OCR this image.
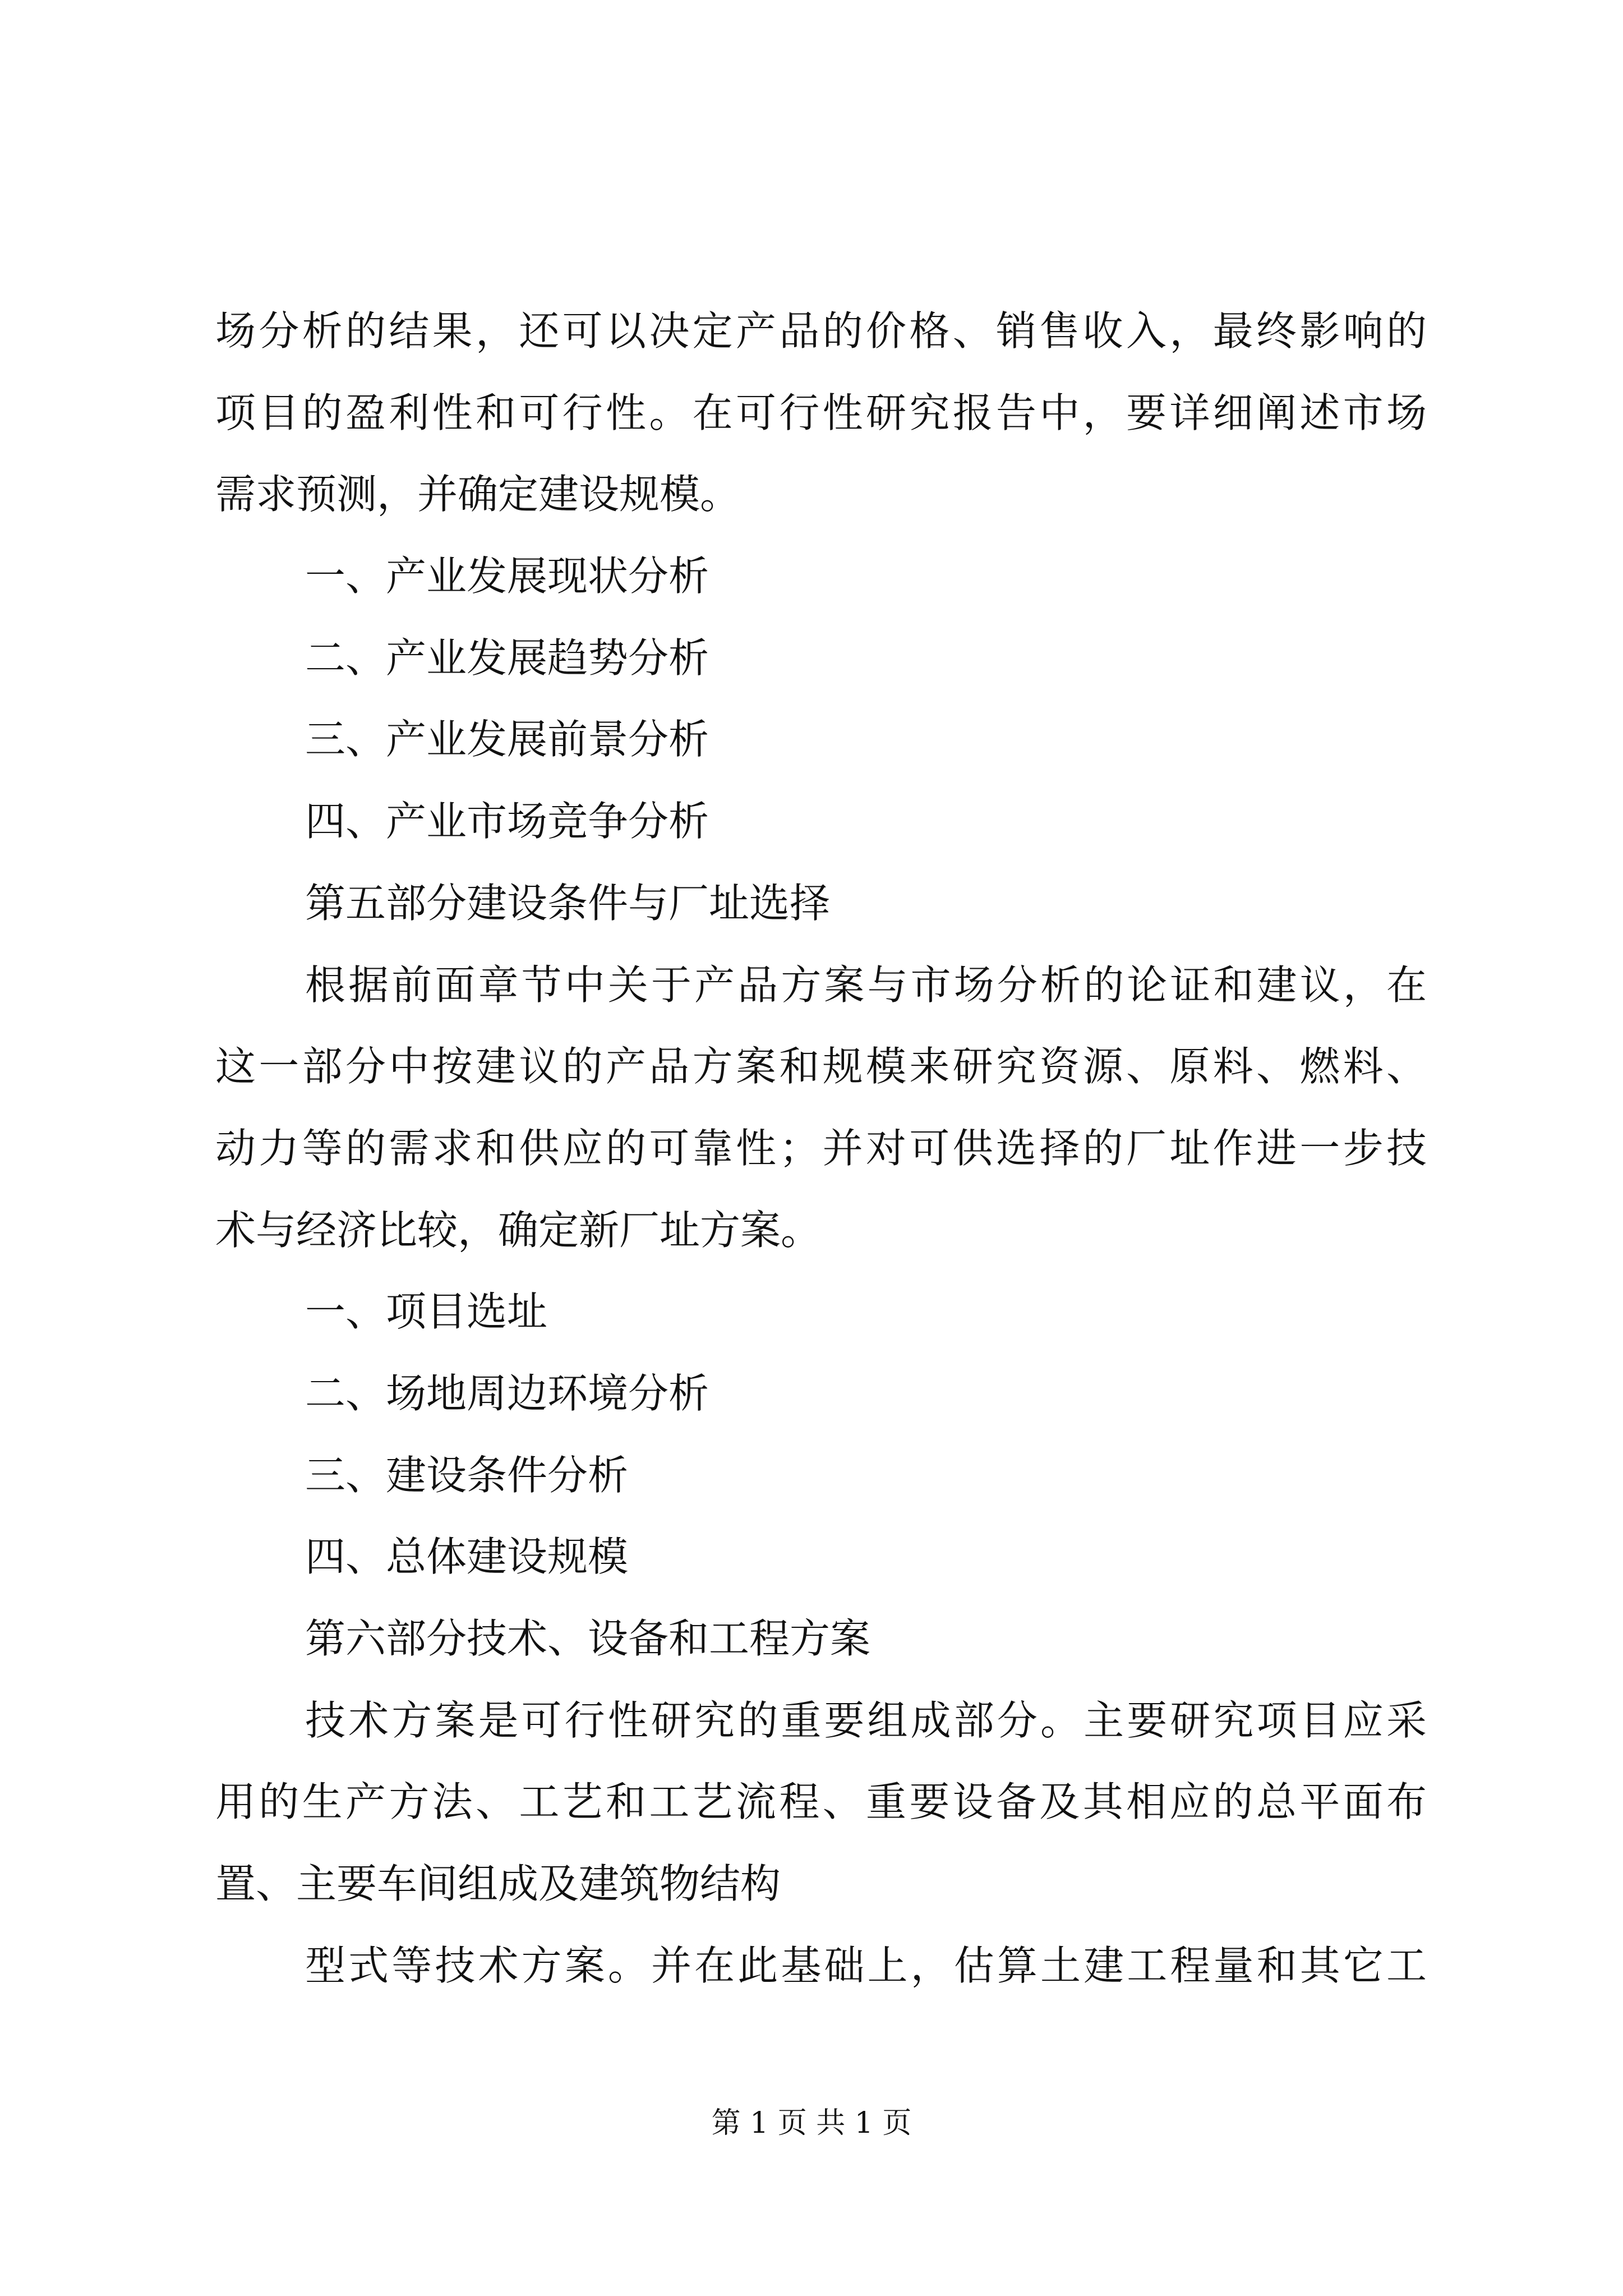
场分析的结果，还可以决定产品的价格、销售收入，最终影响的
项目的盈利性和可行性。在可行性研究报告中，要详细阐述市场
需求预测，并确定建设规模。
一、产业发展现状分析
二、产业发展趋势分析
三、产业发展前景分析
四、产业市场竞争分析
第五部分建设条件与厂址选择
根据前面章节中关于产品方案与市场分析的论证和建议，在
这一部分中按建议的产品方案和规模来研究资源、原料、燃料、
动力等的需求和供应的可靠性；并对可供选择的厂址作进一步技
术与经济比较，确定新厂址方案。
一、项目选址
二、场地周边环境分析
三、建设条件分析
四、总体建设规模
第六部分技术、设备和工程方案
技术方案是可行性研究的重要组成部分。主要研究项目应采
用的生产方法、工艺和工艺流程、重要设备及其相应的总平面布
置、主要车间组成及建筑物结构
型式等技术方案。并在此基础上，估算土建工程量和其它工
第 1 页 共 1 页
